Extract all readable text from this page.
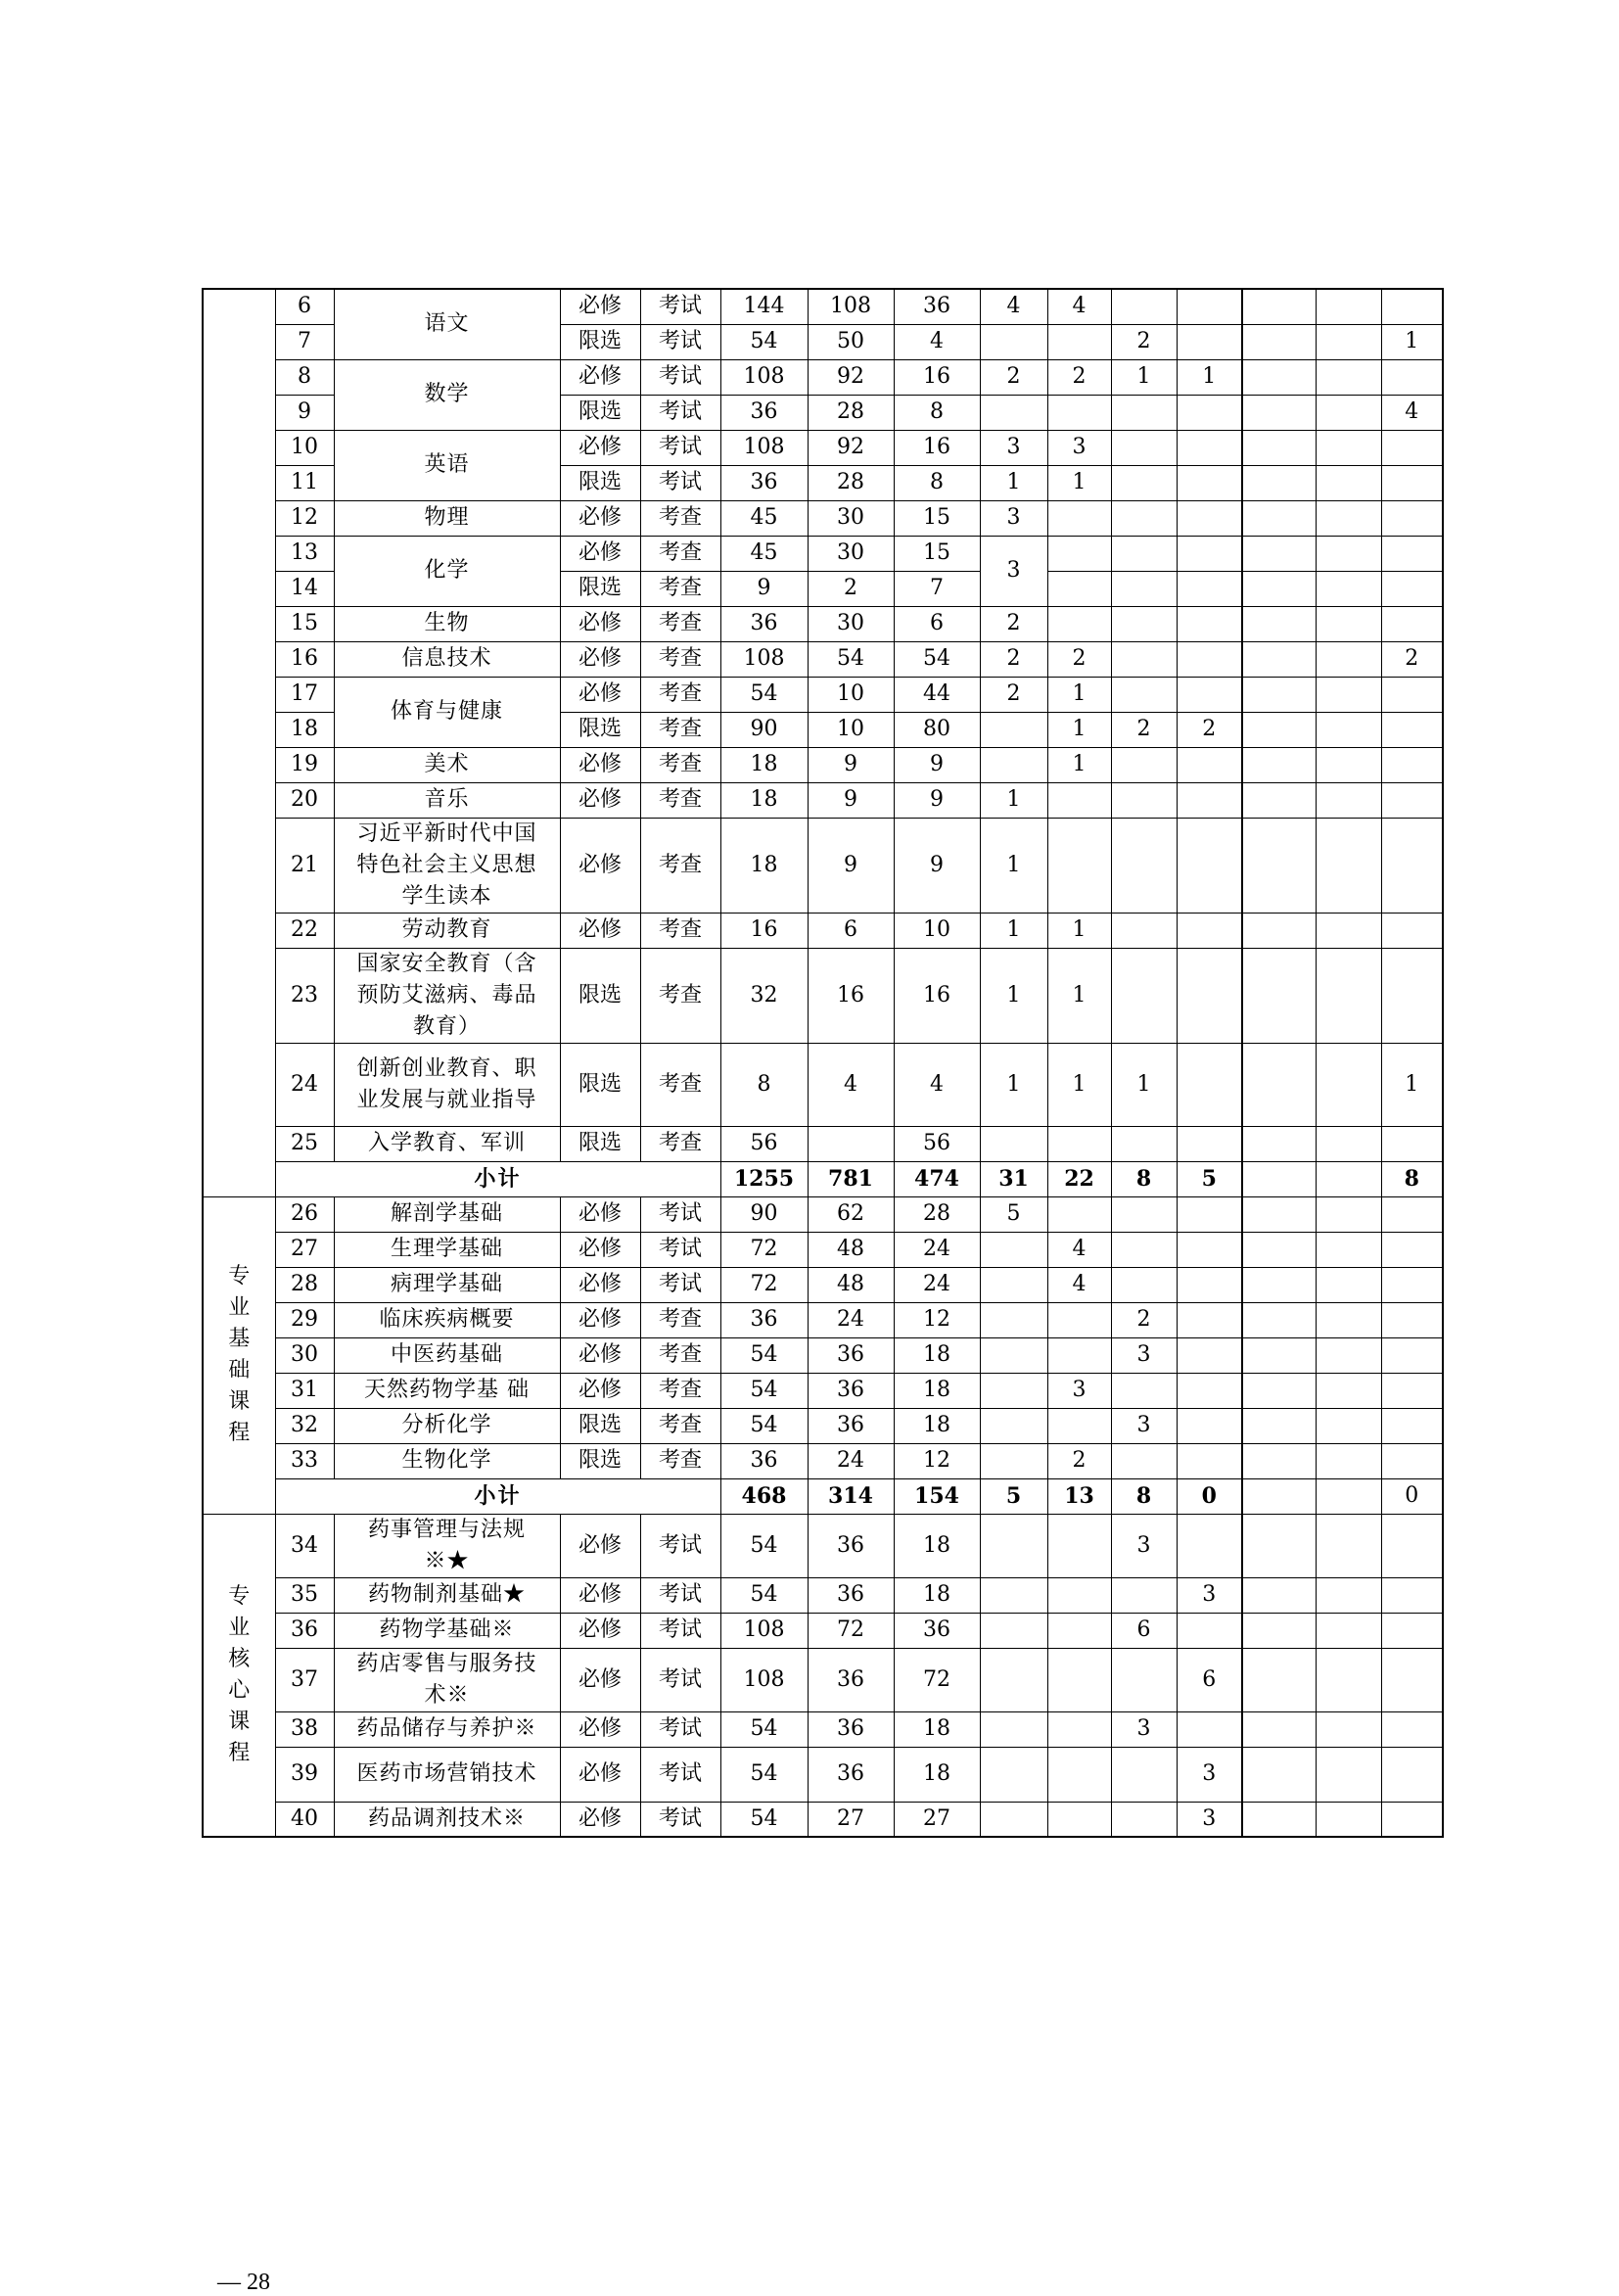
	6	语文	必修	考试	144	108	36	4	4					
	7		限选	考试	54	50	4			2				1
	8	数学	必修	考试	108	92	16	2	2	1	1			
	9		限选	考试	36	28	8							4
	10	英语	必修	考试	108	92	16	3	3					
	11		限选	考试	36	28	8	1	1					
	12	物理	必修	考查	45	30	15	3						
	13	化学	必修	考查	45	30	15	3						
	14		限选	考查	9	2	7							
	15	生物	必修	考查	36	30	6	2						
	16	信息技术	必修	考查	108	54	54	2	2					2
	17	体育与健康	必修	考查	54	10	44	2	1					
	18		限选	考查	90	10	80		1	2	2			
	19	美术	必修	考查	18	9	9		1					
	20	音乐	必修	考查	18	9	9	1						
	21	习近平新时代中国特色社会主义思想学生读本	必修	考查	18	9	9	1						
	22	劳动教育	必修	考查	16	6	10	1	1					
	23	国家安全教育（含预防艾滋病、毒品教育）	限选	考查	32	16	16	1	1					
	24	创新创业教育、职业发展与就业指导	限选	考查	8	4	4	1	1	1				1
	25	入学教育、军训	限选	考查	56		56							
	小计				1255	781	474	31	22	8	5			8
专业基础课程	26	解剖学基础	必修	考试	90	62	28	5						
	27	生理学基础	必修	考试	72	48	24		4					
	28	病理学基础	必修	考试	72	48	24		4					
	29	临床疾病概要	必修	考查	36	24	12			2				
	30	中医药基础	必修	考查	54	36	18			3				
	31	天然药物学基 础	必修	考查	54	36	18		3					
	32	分析化学	限选	考查	54	36	18			3				
	33	生物化学	限选	考查	36	24	12		2					
	小计				468	314	154	5	13	8	0			0
专业核心课程	34	药事管理与法规※★	必修	考试	54	36	18			3				
	35	药物制剂基础★	必修	考试	54	36	18				3			
	36	药物学基础※	必修	考试	108	72	36			6				
	37	药店零售与服务技术※	必修	考试	108	36	72				6			
	38	药品储存与养护※	必修	考试	54	36	18			3				
	39	医药市场营销技术	必修	考试	54	36	18				3			
	40	药品调剂技术※	必修	考试	54	27	27				3			
— 28
